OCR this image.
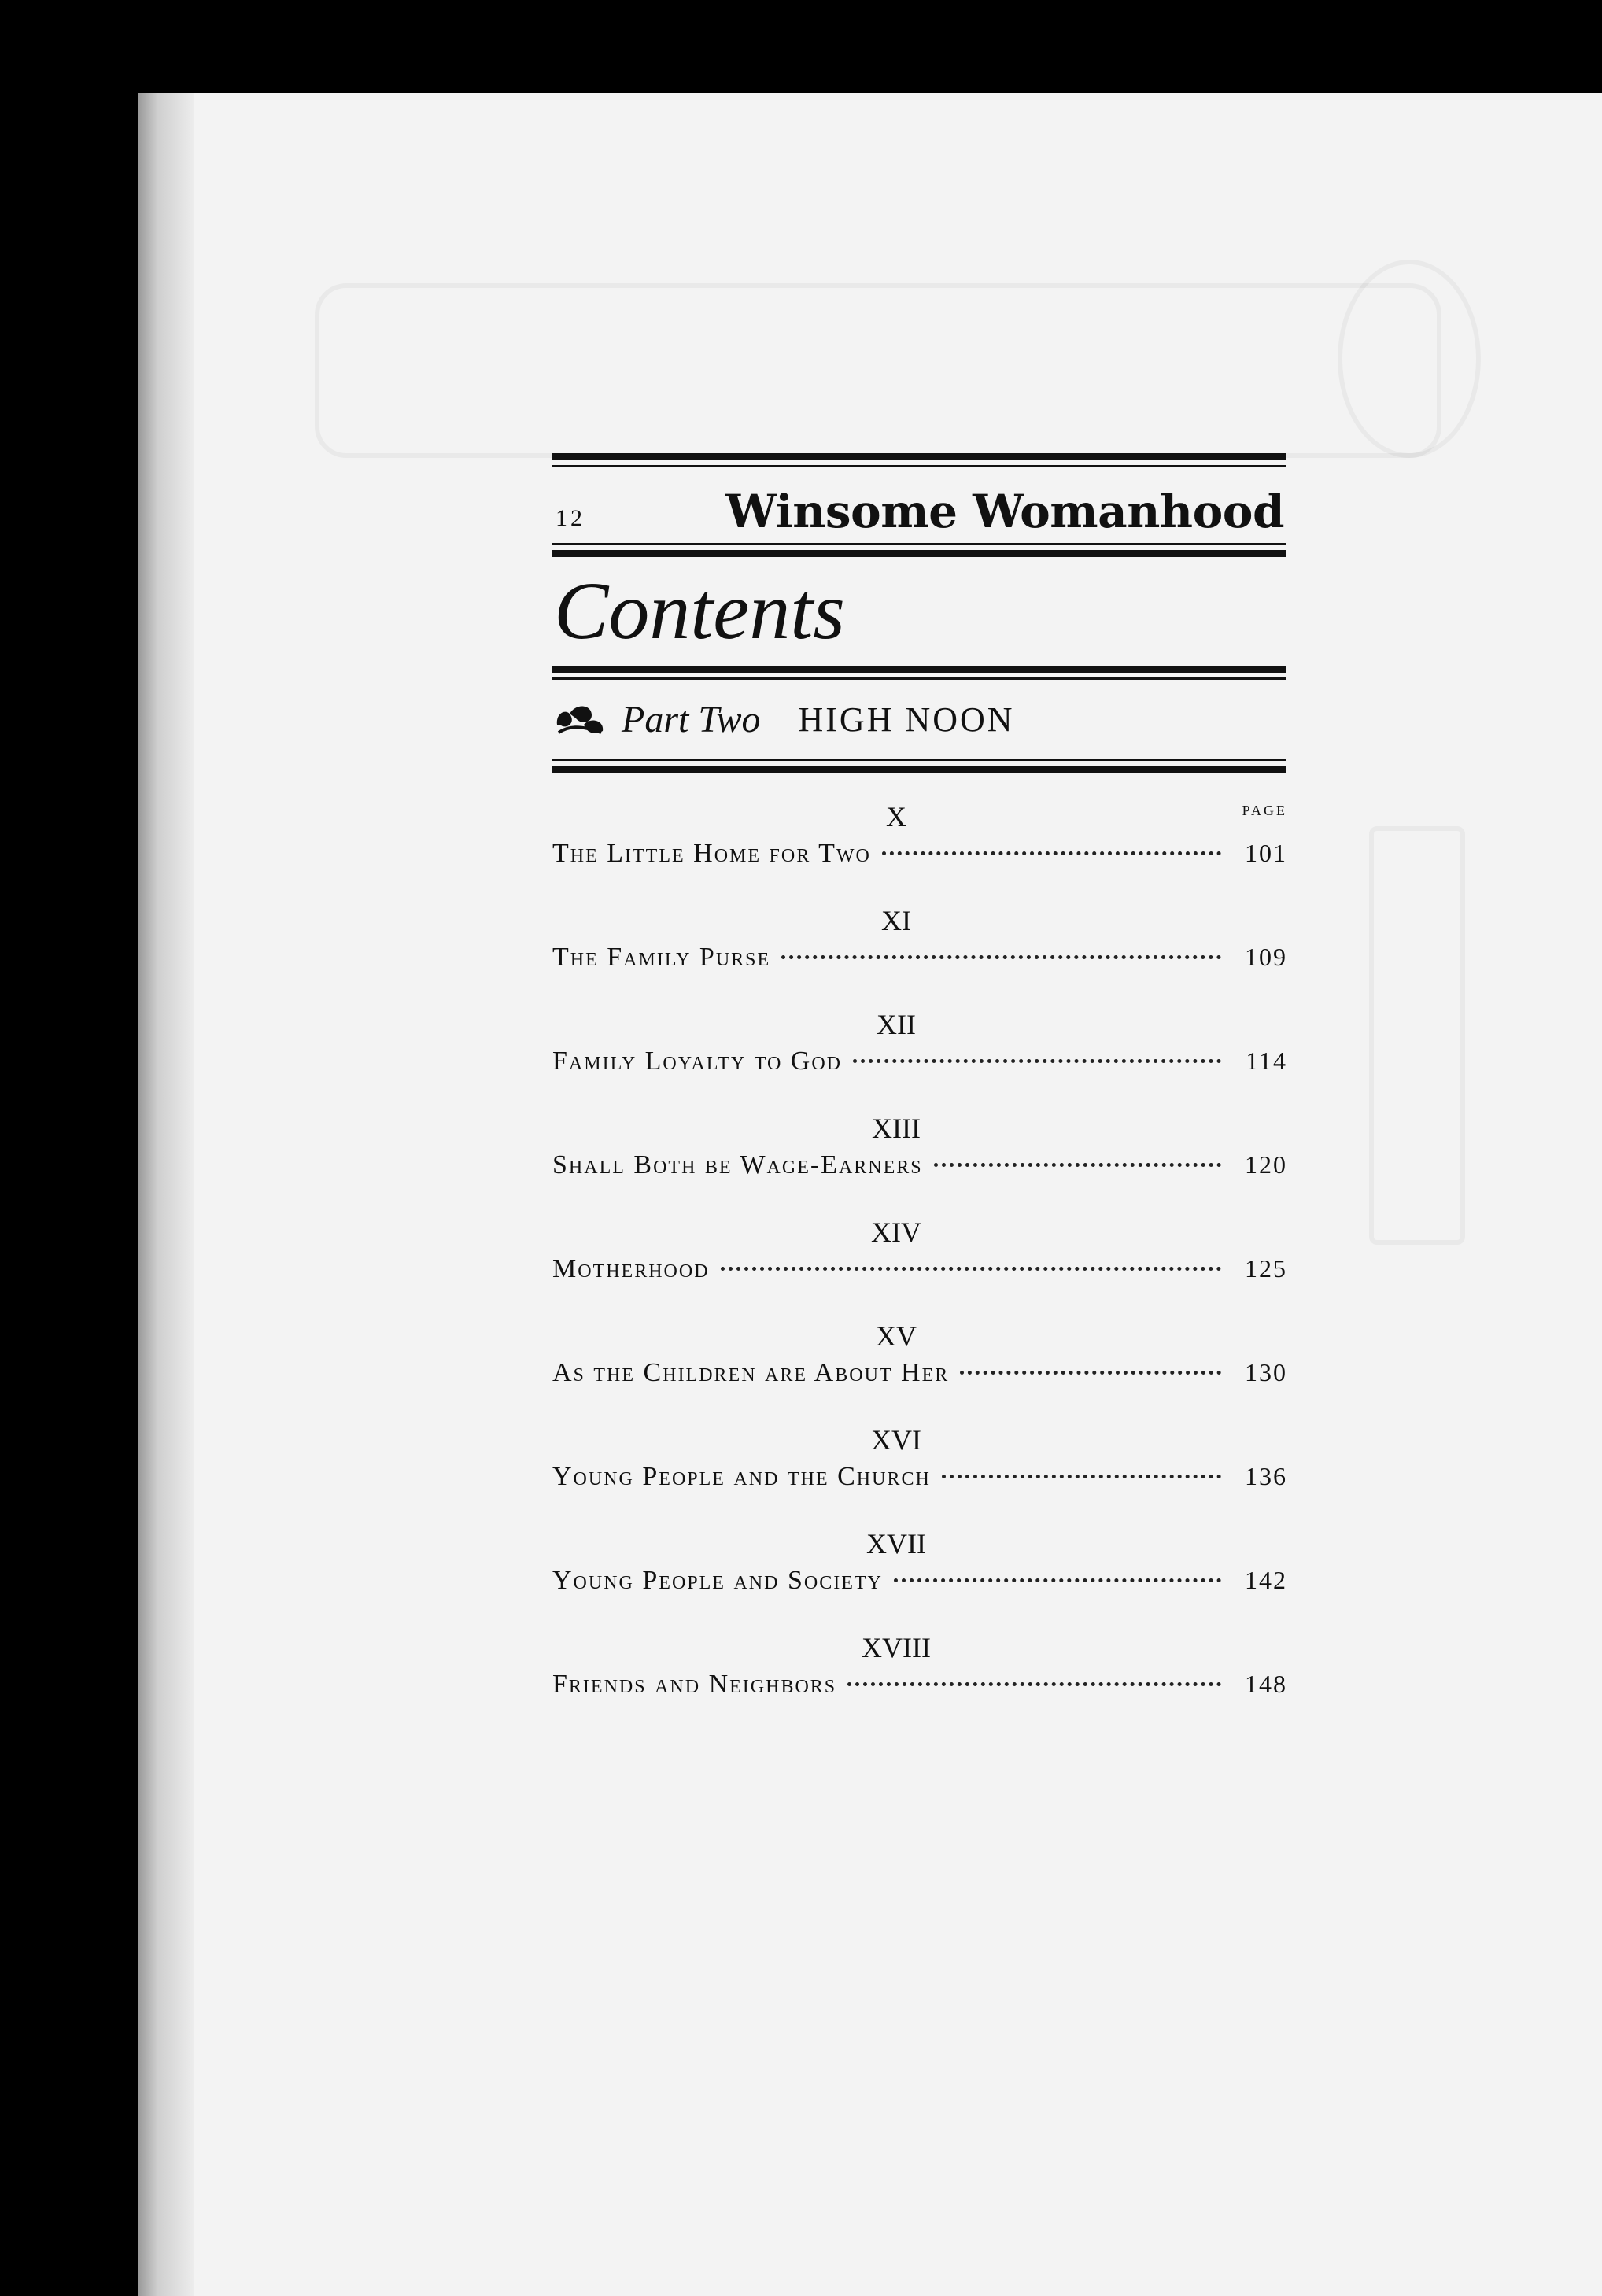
12	Winsome Womanhood
Contents
Part Two HIGH NOON
PAGE
X
The Little Home for Two	101
XI
The Family Purse	109
XII
Family Loyalty to God	114
XIII
Shall Both be Wage-Earners	120
XIV
Motherhood	125
XV
As the Children are About Her	130
XVI
Young People and the Church	136
XVII
Young People and Society	142
XVIII
Friends and Neighbors	148
